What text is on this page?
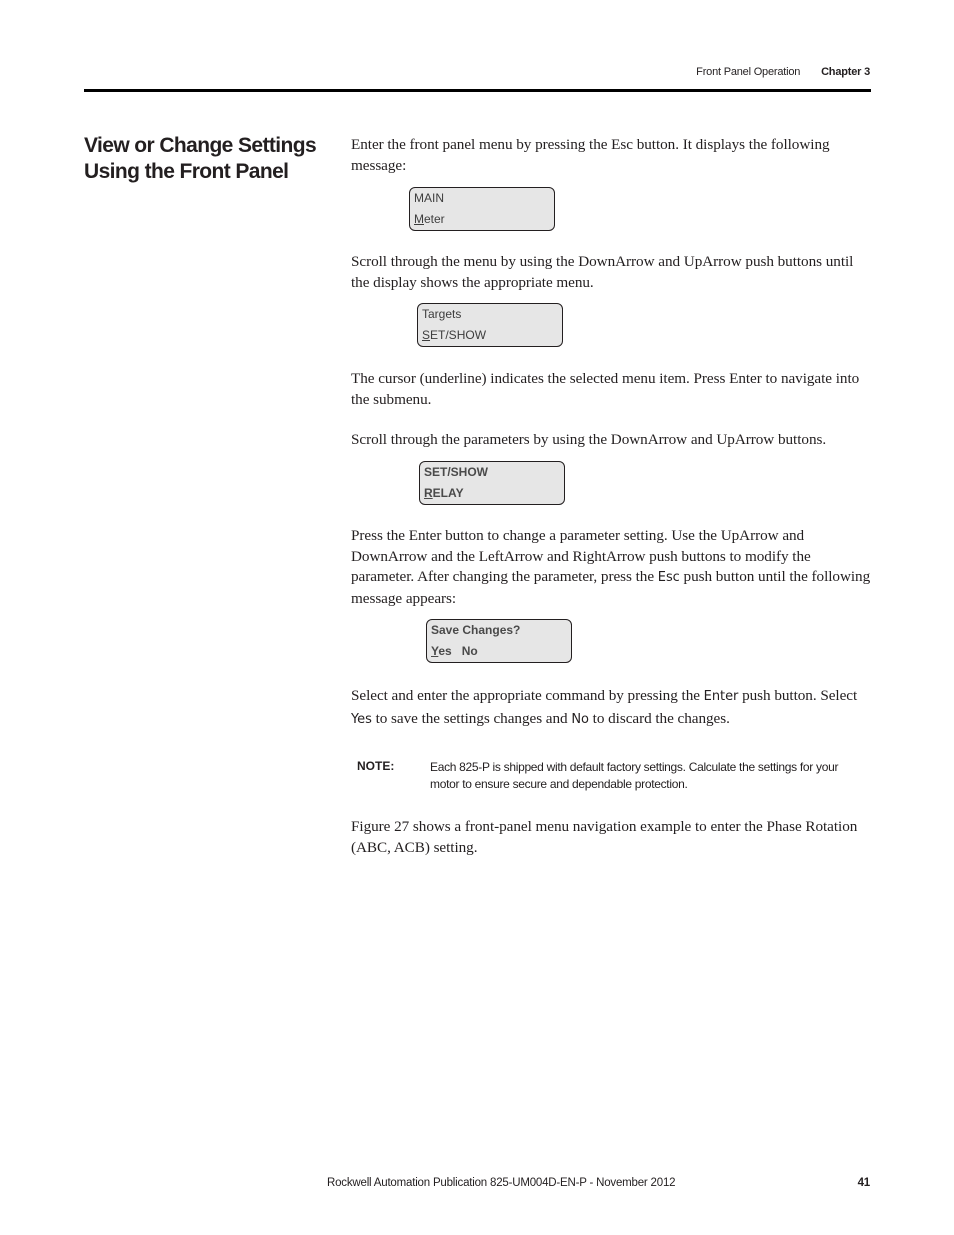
Front Panel Operation Chapter 3
View or Change Settings
Using the Front Panel

Enter the front panel menu by pressing the Esc button. It displays the following message:

MAIN
Meter

Scroll through the menu by using the DownArrow and UpArrow push buttons until the display shows the appropriate menu.

Targets
SET/SHOW

The cursor (underline) indicates the selected menu item. Press Enter to navigate into the submenu.

Scroll through the parameters by using the DownArrow and UpArrow buttons.

SET/SHOW
RELAY

Press the Enter button to change a parameter setting. Use the UpArrow and DownArrow and the LeftArrow and RightArrow push buttons to modify the parameter. After changing the parameter, press the Esc push button until the following message appears:

Save Changes?
Yes   No

Select and enter the appropriate command by pressing the Enter push button. Select Yes to save the settings changes and No to discard the changes.

NOTE:	Each 825-P is shipped with default factory settings. Calculate the settings for your motor to ensure secure and dependable protection.

Figure 27 shows a front-panel menu navigation example to enter the Phase Rotation (ABC, ACB) setting.

Rockwell Automation Publication 825-UM004D-EN-P - November 2012	41
